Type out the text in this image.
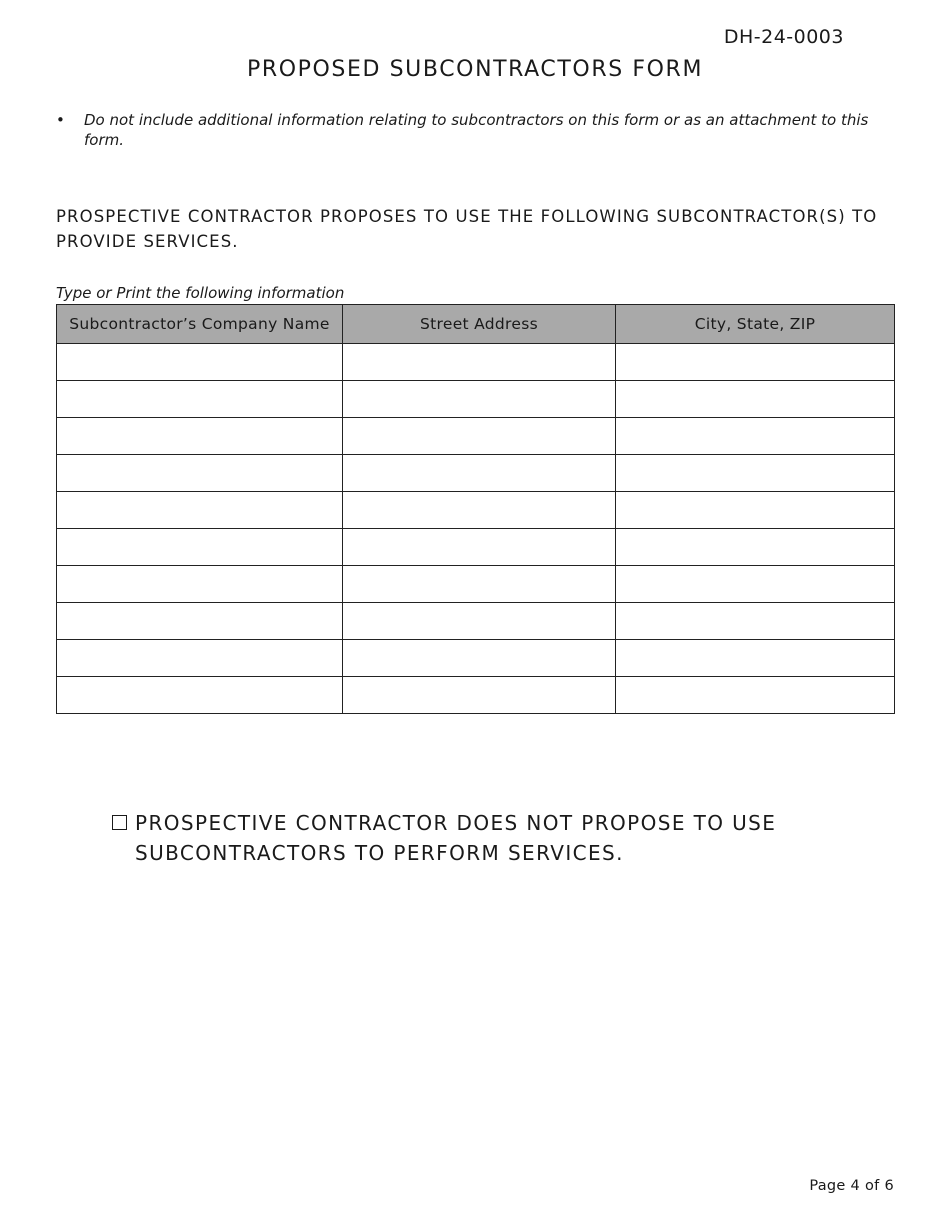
DH-24-0003
PROPOSED SUBCONTRACTORS FORM
• Do not include additional information relating to subcontractors on this form or as an attachment to this form.
PROSPECTIVE CONTRACTOR PROPOSES TO USE THE FOLLOWING SUBCONTRACTOR(S) TO PROVIDE SERVICES.
Type or Print the following information
Subcontractor’s Company Name	Street Address	City, State, ZIP

PROSPECTIVE CONTRACTOR DOES NOT PROPOSE TO USE SUBCONTRACTORS TO PERFORM SERVICES.
Page 4 of 6
